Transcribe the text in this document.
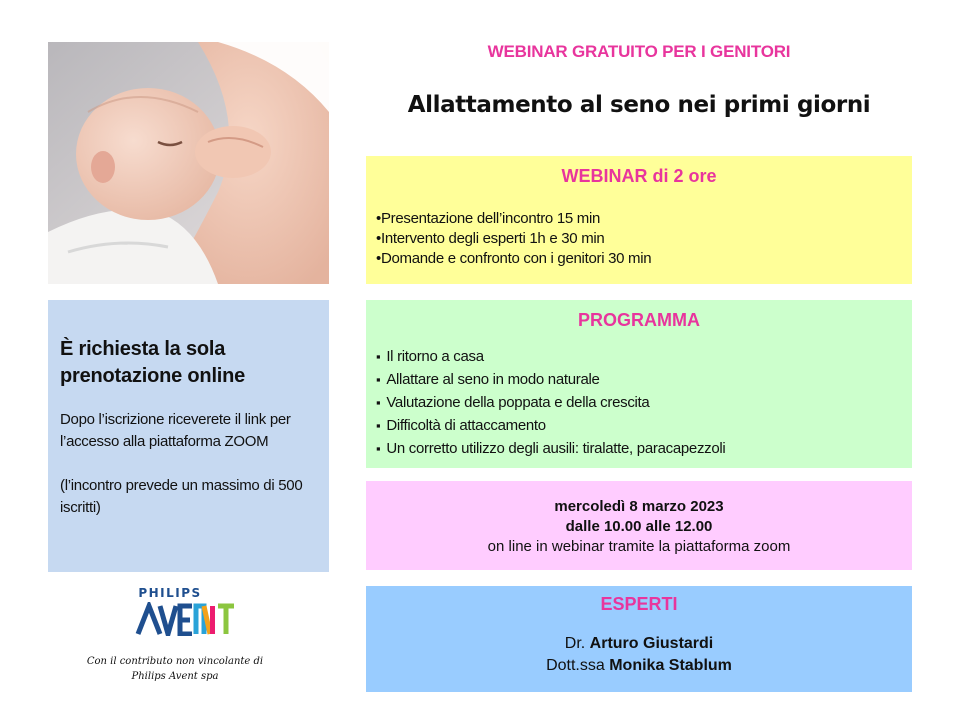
WEBINAR GRATUITO PER I GENITORI
Allattamento al seno nei primi giorni
WEBINAR di 2 ore
•Presentazione dell’incontro 15 min
•Intervento degli esperti 1h e 30 min
•Domande e confronto con i genitori 30 min
PROGRAMMA
▪ Il ritorno a casa
▪ Allattare al seno in modo naturale
▪ Valutazione della poppata e della crescita
▪ Difficoltà di attaccamento
▪ Un corretto utilizzo degli ausili: tiralatte, paracapezzoli
mercoledì 8 marzo 2023
dalle 10.00 alle 12.00
on line in webinar tramite la piattaforma zoom
ESPERTI
Dr. Arturo Giustardi
Dott.ssa Monika Stablum
È richiesta la sola prenotazione online
Dopo l’iscrizione riceverete il link per l’accesso alla piattaforma ZOOM
(l’incontro prevede un massimo di 500 iscritti)
PHILIPS
Con il contributo non vincolante di
Philips Avent spa
